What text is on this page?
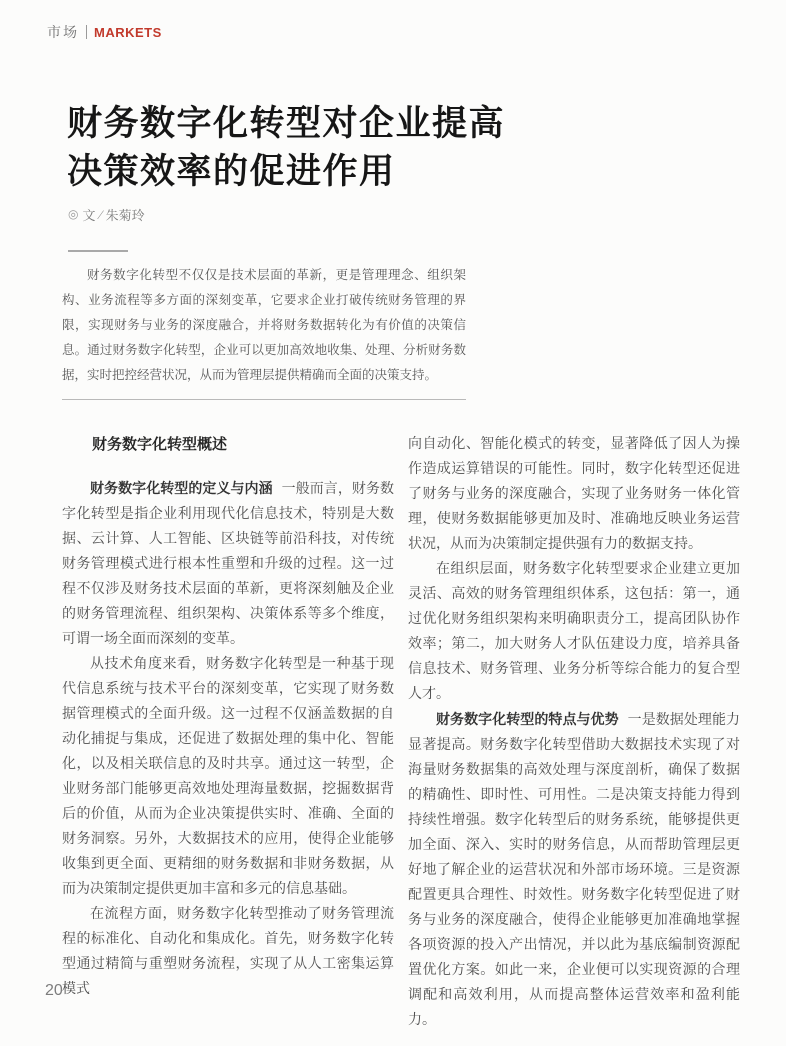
市场 MARKETS
财务数字化转型对企业提高
决策效率的促进作用
◎ 文 ∕ 朱菊玲

财务数字化转型不仅仅是技术层面的革新，更是管理理念、组织架构、业务流程等多方面的深刻变革，它要求企业打破传统财务管理的界限，实现财务与业务的深度融合，并将财务数据转化为有价值的决策信息。通过财务数字化转型，企业可以更加高效地收集、处理、分析财务数据，实时把控经营状况，从而为管理层提供精确而全面的决策支持。

财务数字化转型概述

财务数字化转型的定义与内涵 一般而言，财务数字化转型是指企业利用现代化信息技术，特别是大数据、云计算、人工智能、区块链等前沿科技，对传统财务管理模式进行根本性重塑和升级的过程。这一过程不仅涉及财务技术层面的革新，更将深刻触及企业的财务管理流程、组织架构、决策体系等多个维度，可谓一场全面而深刻的变革。

从技术角度来看，财务数字化转型是一种基于现代信息系统与技术平台的深刻变革，它实现了财务数据管理模式的全面升级。这一过程不仅涵盖数据的自动化捕捉与集成，还促进了数据处理的集中化、智能化，以及相关联信息的及时共享。通过这一转型，企业财务部门能够更高效地处理海量数据，挖掘数据背后的价值，从而为企业决策提供实时、准确、全面的财务洞察。另外，大数据技术的应用，使得企业能够收集到更全面、更精细的财务数据和非财务数据，从而为决策制定提供更加丰富和多元的信息基础。

在流程方面，财务数字化转型推动了财务管理流程的标准化、自动化和集成化。首先，财务数字化转型通过精简与重塑财务流程，实现了从人工密集运算模式

向自动化、智能化模式的转变，显著降低了因人为操作造成运算错误的可能性。同时，数字化转型还促进了财务与业务的深度融合，实现了业务财务一体化管理，使财务数据能够更加及时、准确地反映业务运营状况，从而为决策制定提供强有力的数据支持。

在组织层面，财务数字化转型要求企业建立更加灵活、高效的财务管理组织体系，这包括：第一，通过优化财务组织架构来明确职责分工，提高团队协作效率；第二，加大财务人才队伍建设力度，培养具备信息技术、财务管理、业务分析等综合能力的复合型人才。

财务数字化转型的特点与优势 一是数据处理能力显著提高。财务数字化转型借助大数据技术实现了对海量财务数据集的高效处理与深度剖析，确保了数据的精确性、即时性、可用性。二是决策支持能力得到持续性增强。数字化转型后的财务系统，能够提供更加全面、深入、实时的财务信息，从而帮助管理层更好地了解企业的运营状况和外部市场环境。三是资源配置更具合理性、时效性。财务数字化转型促进了财务与业务的深度融合，使得企业能够更加准确地掌握各项资源的投入产出情况，并以此为基底编制资源配置优化方案。如此一来，企业便可以实现资源的合理调配和高效利用，从而提高整体运营效率和盈利能力。

20
